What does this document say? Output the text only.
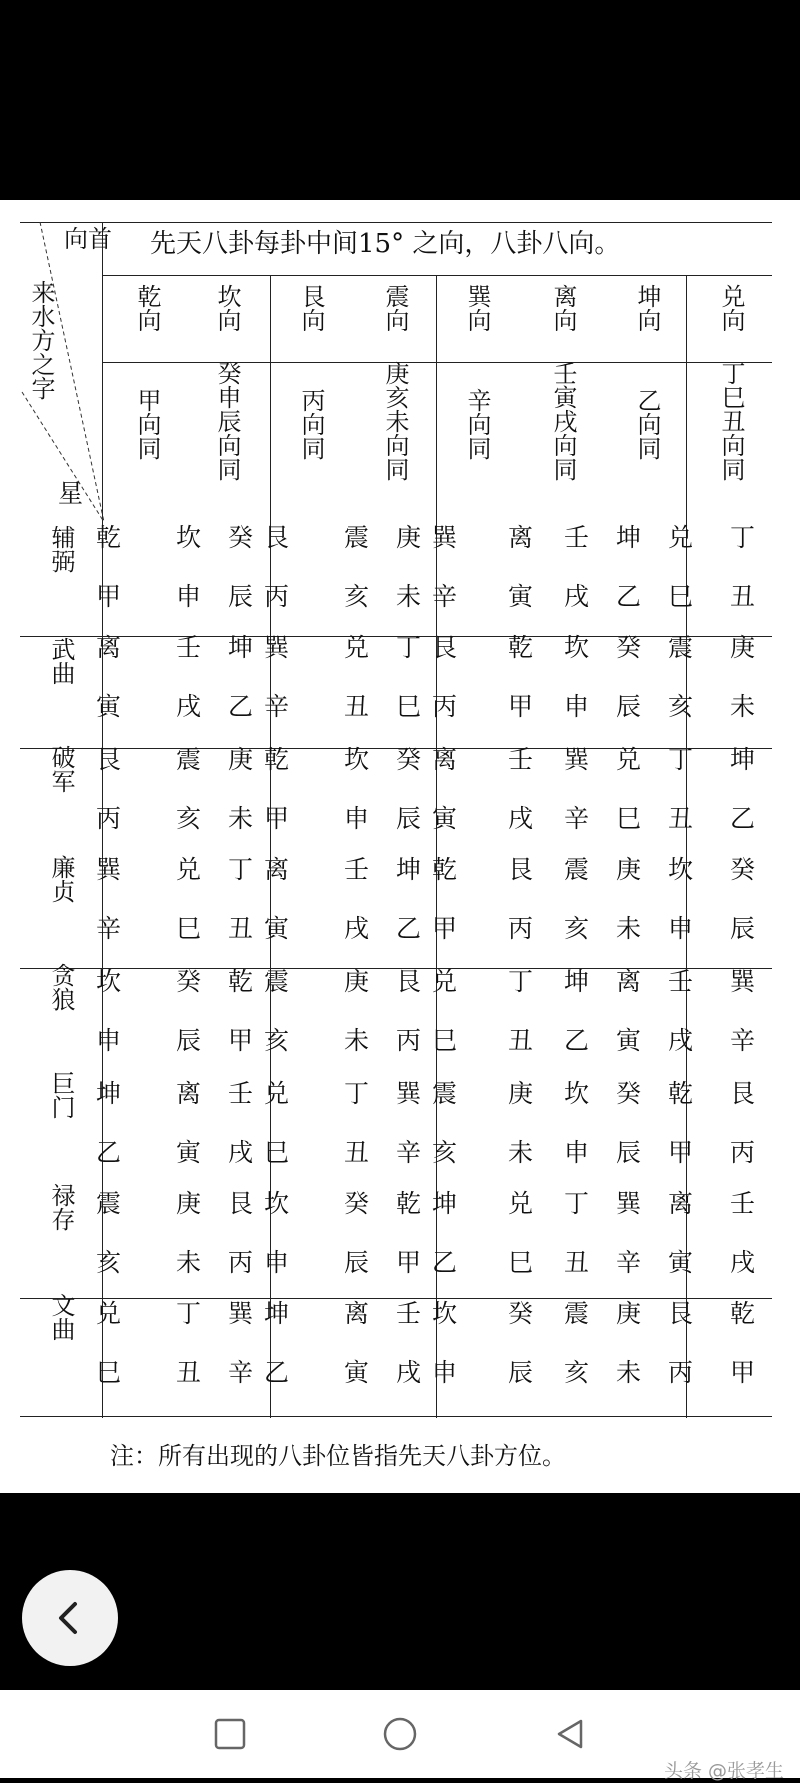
向首
来水方之字
星
先天八卦每卦中间15° 之向，八卦八向。
乾向
甲向同
坎向
癸申辰向同
艮向
丙向同
震向
庚亥未向同
巽向
辛向同
离向
壬寅戌向同
坤向
乙向同
兑向
丁巳丑向同
辅弼
武曲
破军
廉贞
贪狼
巨门
禄存
文曲
乾
甲
坎
申
癸
辰
艮
丙
震
亥
庚
未
巽
辛
离
寅
壬
戌
坤
乙
兑
巳
丁
丑
离
寅
壬
戌
坤
乙
巽
辛
兑
丑
丁
巳
艮
丙
乾
甲
坎
申
癸
辰
震
亥
庚
未
艮
丙
震
亥
庚
未
乾
甲
坎
申
癸
辰
离
寅
壬
戌
巽
辛
兑
巳
丁
丑
坤
乙
巽
辛
兑
巳
丁
丑
离
寅
壬
戌
坤
乙
乾
甲
艮
丙
震
亥
庚
未
坎
申
癸
辰
坎
申
癸
辰
乾
甲
震
亥
庚
未
艮
丙
兑
巳
丁
丑
坤
乙
离
寅
壬
戌
巽
辛
坤
乙
离
寅
壬
戌
兑
巳
丁
丑
巽
辛
震
亥
庚
未
坎
申
癸
辰
乾
甲
艮
丙
震
亥
庚
未
艮
丙
坎
申
癸
辰
乾
甲
坤
乙
兑
巳
丁
丑
巽
辛
离
寅
壬
戌
兑
巳
丁
丑
巽
辛
坤
乙
离
寅
壬
戌
坎
申
癸
辰
震
亥
庚
未
艮
丙
乾
甲
注：所有出现的八卦位皆指先天八卦方位。
头条 @张孝生
